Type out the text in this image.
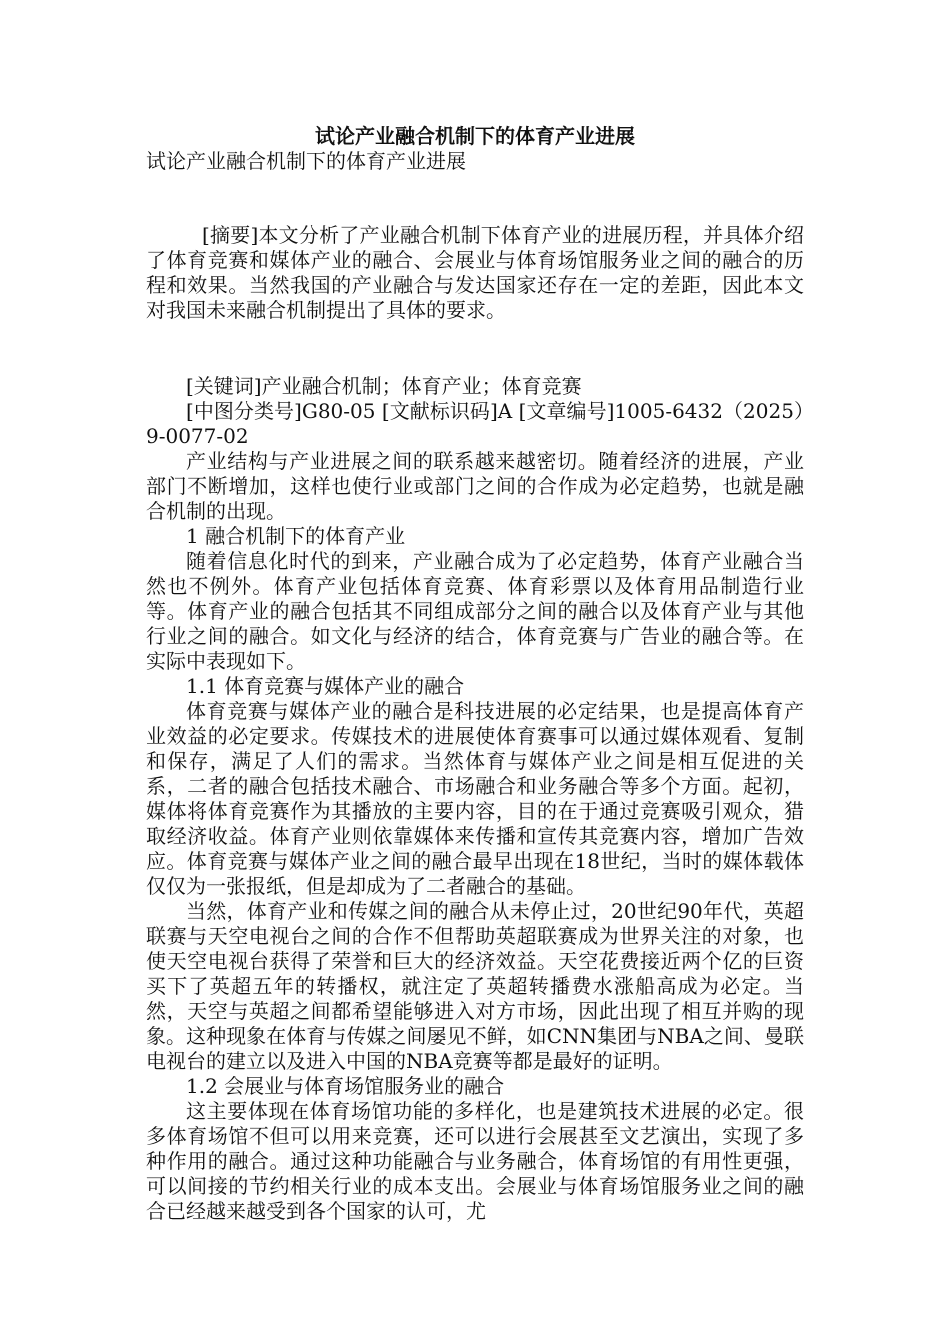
试论产业融合机制下的体育产业进展

试论产业融合机制下的体育产业进展

[摘要]本文分析了产业融合机制下体育产业的进展历程，并具体介绍了体育竞赛和媒体产业的融合、会展业与体育场馆服务业之间的融合的历程和效果。当然我国的产业融合与发达国家还存在一定的差距，因此本文对我国未来融合机制提出了具体的要求。

[关键词]产业融合机制；体育产业；体育竞赛

[中图分类号]G80-05 [文献标识码]A [文章编号]1005-6432（2025）9-0077-02

产业结构与产业进展之间的联系越来越密切。随着经济的进展，产业部门不断增加，这样也使行业或部门之间的合作成为必定趋势，也就是融合机制的出现。

1 融合机制下的体育产业

随着信息化时代的到来，产业融合成为了必定趋势，体育产业融合当然也不例外。体育产业包括体育竞赛、体育彩票以及体育用品制造行业等。体育产业的融合包括其不同组成部分之间的融合以及体育产业与其他行业之间的融合。如文化与经济的结合，体育竞赛与广告业的融合等。在实际中表现如下。

1.1 体育竞赛与媒体产业的融合

体育竞赛与媒体产业的融合是科技进展的必定结果，也是提高体育产业效益的必定要求。传媒技术的进展使体育赛事可以通过媒体观看、复制和保存，满足了人们的需求。当然体育与媒体产业之间是相互促进的关系，二者的融合包括技术融合、市场融合和业务融合等多个方面。起初，媒体将体育竞赛作为其播放的主要内容，目的在于通过竞赛吸引观众，猎取经济收益。体育产业则依靠媒体来传播和宣传其竞赛内容，增加广告效应。体育竞赛与媒体产业之间的融合最早出现在18世纪，当时的媒体载体仅仅为一张报纸，但是却成为了二者融合的基础。

当然，体育产业和传媒之间的融合从未停止过，20世纪90年代，英超联赛与天空电视台之间的合作不但帮助英超联赛成为世界关注的对象，也使天空电视台获得了荣誉和巨大的经济效益。天空花费接近两个亿的巨资买下了英超五年的转播权，就注定了英超转播费水涨船高成为必定。当然，天空与英超之间都希望能够进入对方市场，因此出现了相互并购的现象。这种现象在体育与传媒之间屡见不鲜，如CNN集团与NBA之间、曼联电视台的建立以及进入中国的NBA竞赛等都是最好的证明。

1.2 会展业与体育场馆服务业的融合

这主要体现在体育场馆功能的多样化，也是建筑技术进展的必定。很多体育场馆不但可以用来竞赛，还可以进行会展甚至文艺演出，实现了多种作用的融合。通过这种功能融合与业务融合，体育场馆的有用性更强，可以间接的节约相关行业的成本支出。会展业与体育场馆服务业之间的融合已经越来越受到各个国家的认可，尤
